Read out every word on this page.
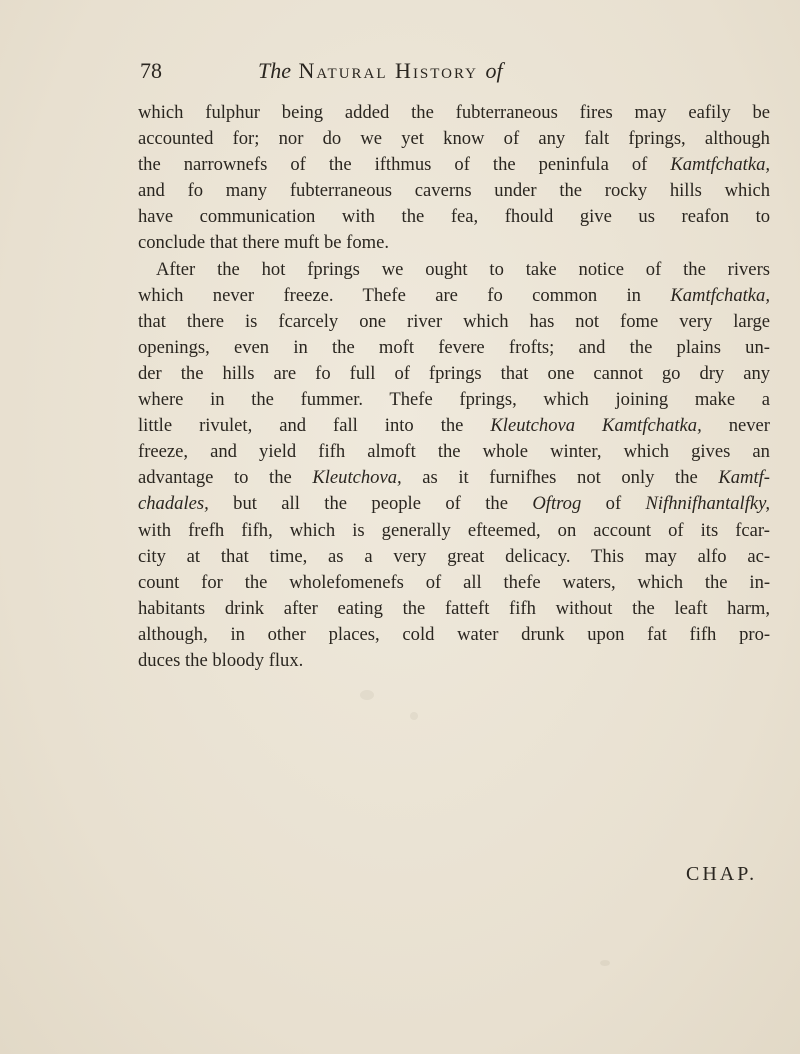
78	The Natural History of
which fulphur being added the fubterraneous fires may eafily be
accounted for; nor do we yet know of any falt fprings, although
the narrownefs of the ifthmus of the peninfula of Kamtfchatka,
and fo many fubterraneous caverns under the rocky hills which
have communication with the fea, fhould give us reafon to
conclude that there muft be fome.
After the hot fprings we ought to take notice of the rivers
which never freeze. Thefe are fo common in Kamtfchatka,
that there is fcarcely one river which has not fome very large
openings, even in the moft fevere frofts; and the plains un-
der the hills are fo full of fprings that one cannot go dry any
where in the fummer. Thefe fprings, which joining make a
little rivulet, and fall into the Kleutchova Kamtfchatka, never
freeze, and yield fifh almoft the whole winter, which gives an
advantage to the Kleutchova, as it furnifhes not only the Kamtf-
chadales, but all the people of the Oftrog of Nifhnifhantalfky,
with frefh fifh, which is generally efteemed, on account of its fcar-
city at that time, as a very great delicacy. This may alfo ac-
count for the wholefomenefs of all thefe waters, which the in-
habitants drink after eating the fatteft fifh without the leaft harm,
although, in other places, cold water drunk upon fat fifh pro-
duces the bloody flux.
CHAP.
